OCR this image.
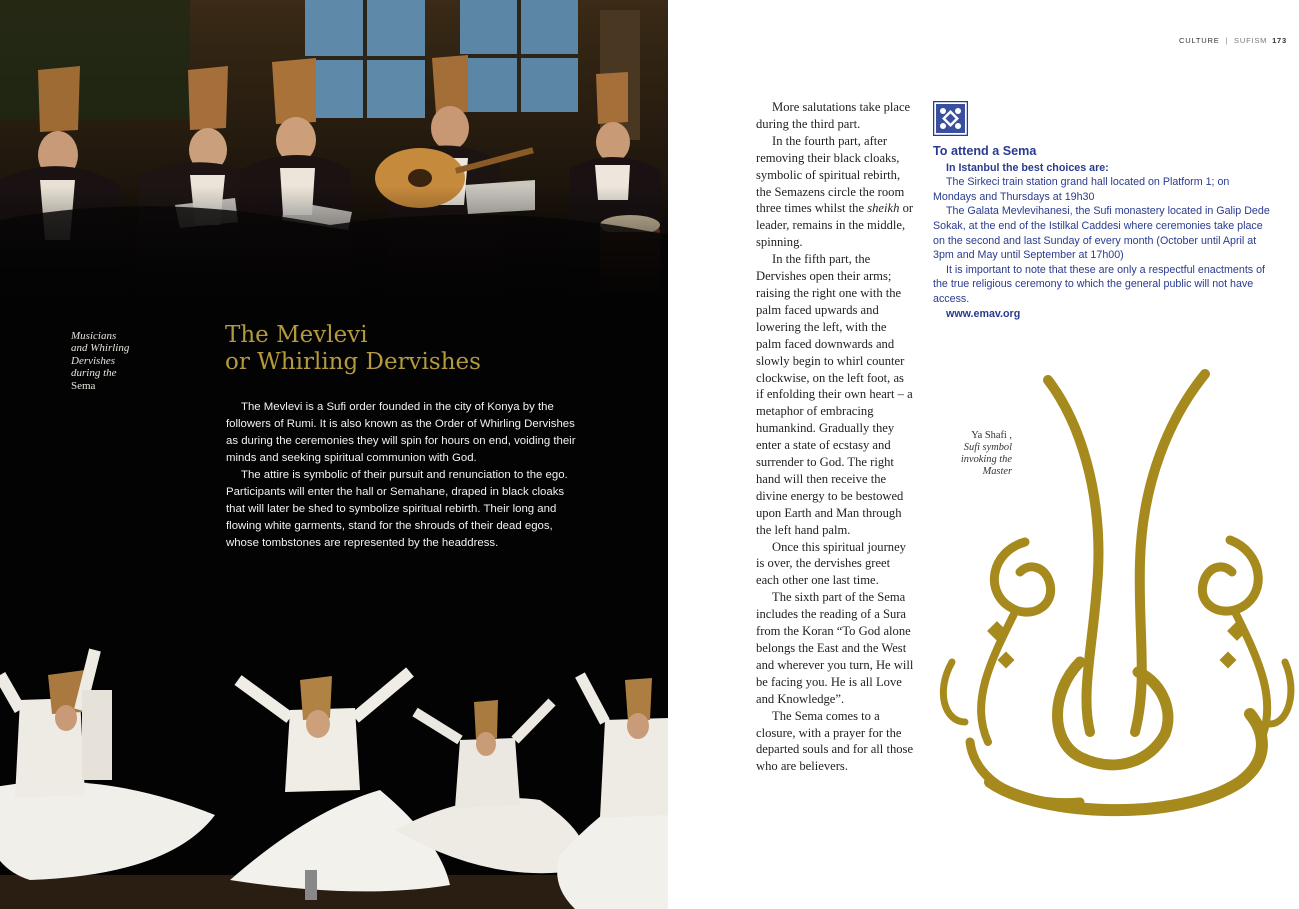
Musicians
and Whirling
Dervishes
during the
Sema
The Mevlevi
or Whirling Dervishes

The Mevlevi is a Sufi order founded in the city of Konya by the followers of Rumi. It is also known as the Order of Whirling Dervishes as during the ceremonies they will spin for hours on end, voiding their minds and seeking spiritual communion with God.

The attire is symbolic of their pursuit and renunciation to the ego. Participants will enter the hall or Semahane, draped in black cloaks that will later be shed to symbolize spiritual rebirth. Their long and flowing white garments, stand for the shrouds of their dead egos, whose tombstones are represented by the headdress.

CULTURE | SUFISM 173

More salutations take place during the third part.

In the fourth part, after removing their black cloaks, symbolic of spiritual rebirth, the Semazens circle the room three times whilst the sheikh or leader, remains in the middle, spinning.

In the fifth part, the Dervishes open their arms; raising the right one with the palm faced upwards and lowering the left, with the palm faced downwards and slowly begin to whirl counter clockwise, on the left foot, as if enfolding their own heart – a metaphor of embracing humankind. Gradually they enter a state of ecstasy and surrender to God. The right hand will then receive the divine energy to be bestowed upon Earth and Man through the left hand palm.

Once this spiritual journey is over, the dervishes greet each other one last time.

The sixth part of the Sema includes the reading of a Sura from the Koran “To God alone belongs the East and the West and wherever you turn, He will be facing you. He is all Love and Knowledge”.

The Sema comes to a closure, with a prayer for the departed souls and for all those who are believers.

To attend a Sema
In Istanbul the best choices are:

The Sirkeci train station grand hall located on Platform 1; on Mondays and Thursdays at 19h30

The Galata Mevlevihanesi, the Sufi monastery located in Galip Dede Sokak, at the end of the Istilkal Caddesi where ceremonies take place on the second and last Sunday of every month (October until April at 3pm and May until September at 17h00)

It is important to note that these are only a respectful enactments of the true religious ceremony to which the general public will not have access.

www.emav.org
Ya Shafi ,
Sufi symbol
invoking the
Master
